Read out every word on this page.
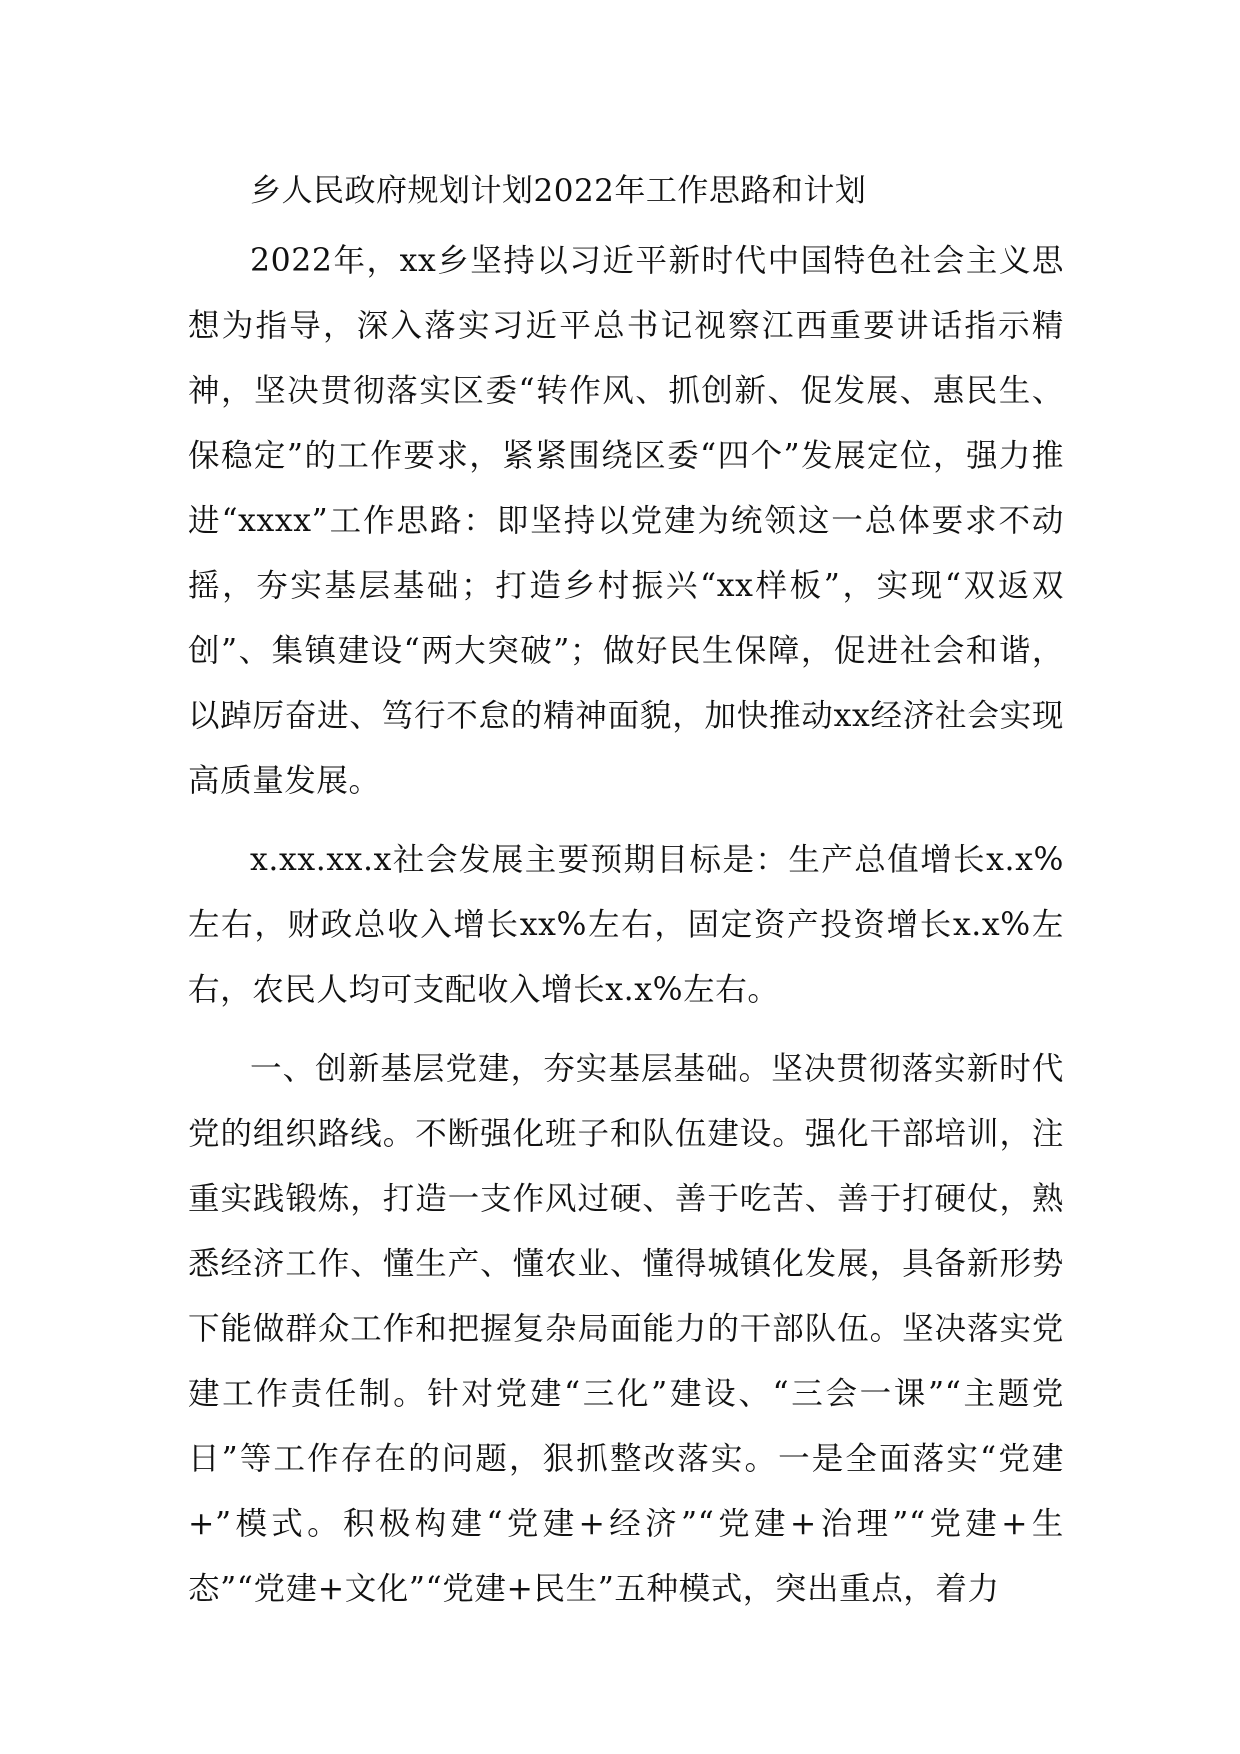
乡人民政府规划计划2022年工作思路和计划

2022年，xx乡坚持以习近平新时代中国特色社会主义思想为指导，深入落实习近平总书记视察江西重要讲话指示精神，坚决贯彻落实区委“转作风、抓创新、促发展、惠民生、保稳定”的工作要求，紧紧围绕区委“四个”发展定位，强力推进“xxxx”工作思路：即坚持以党建为统领这一总体要求不动摇，夯实基层基础；打造乡村振兴“xx样板”，实现“双返双创”、集镇建设“两大突破”；做好民生保障，促进社会和谐，以踔厉奋进、笃行不怠的精神面貌，加快推动xx经济社会实现高质量发展。

x.xx.xx.x社会发展主要预期目标是：生产总值增长x.x%左右，财政总收入增长xx%左右，固定资产投资增长x.x%左右，农民人均可支配收入增长x.x%左右。

一、创新基层党建，夯实基层基础。坚决贯彻落实新时代党的组织路线。不断强化班子和队伍建设。强化干部培训，注重实践锻炼，打造一支作风过硬、善于吃苦、善于打硬仗，熟悉经济工作、懂生产、懂农业、懂得城镇化发展，具备新形势下能做群众工作和把握复杂局面能力的干部队伍。坚决落实党建工作责任制。针对党建“三化”建设、“三会一课”“主题党日”等工作存在的问题，狠抓整改落实。一是全面落实“党建+”模式。积极构建“党建+经济”“党建+治理”“党建+生态”“党建+文化”“党建+民生”五种模式，突出重点，着力
